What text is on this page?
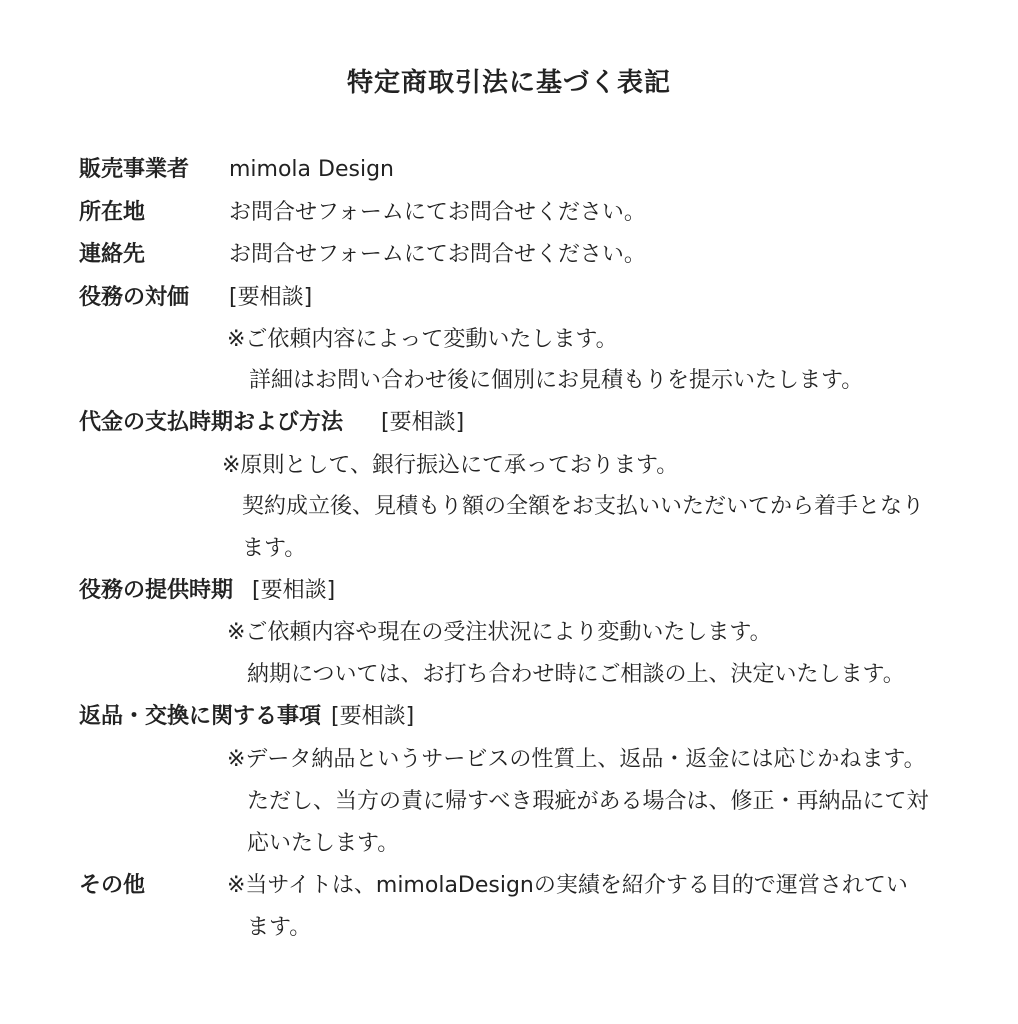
特定商取引法に基づく表記
販売事業者 mimola Design
所在地	お問合せフォームにてお問合せください。
連絡先	お問合せフォームにてお問合せください。
役務の対価 [要相談]
※ご依頼内容によって変動いたします。
詳細はお問い合わせ後に個別にお見積もりを提示いたします。
代金の支払時期および方法 [要相談]
※原則として、銀行振込にて承っております。
契約成立後、見積もり額の全額をお支払いいただいてから着手となり
ます。
役務の提供時期 [要相談]
※ご依頼内容や現在の受注状況により変動いたします。
納期については、お打ち合わせ時にご相談の上、決定いたします。
返品・交換に関する事項 [要相談]
※データ納品というサービスの性質上、返品・返金には応じかねます。
ただし、当方の責に帰すべき瑕疵がある場合は、修正・再納品にて対
応いたします。
その他	※当サイトは、mimolaDesignの実績を紹介する目的で運営されてい
ます。
